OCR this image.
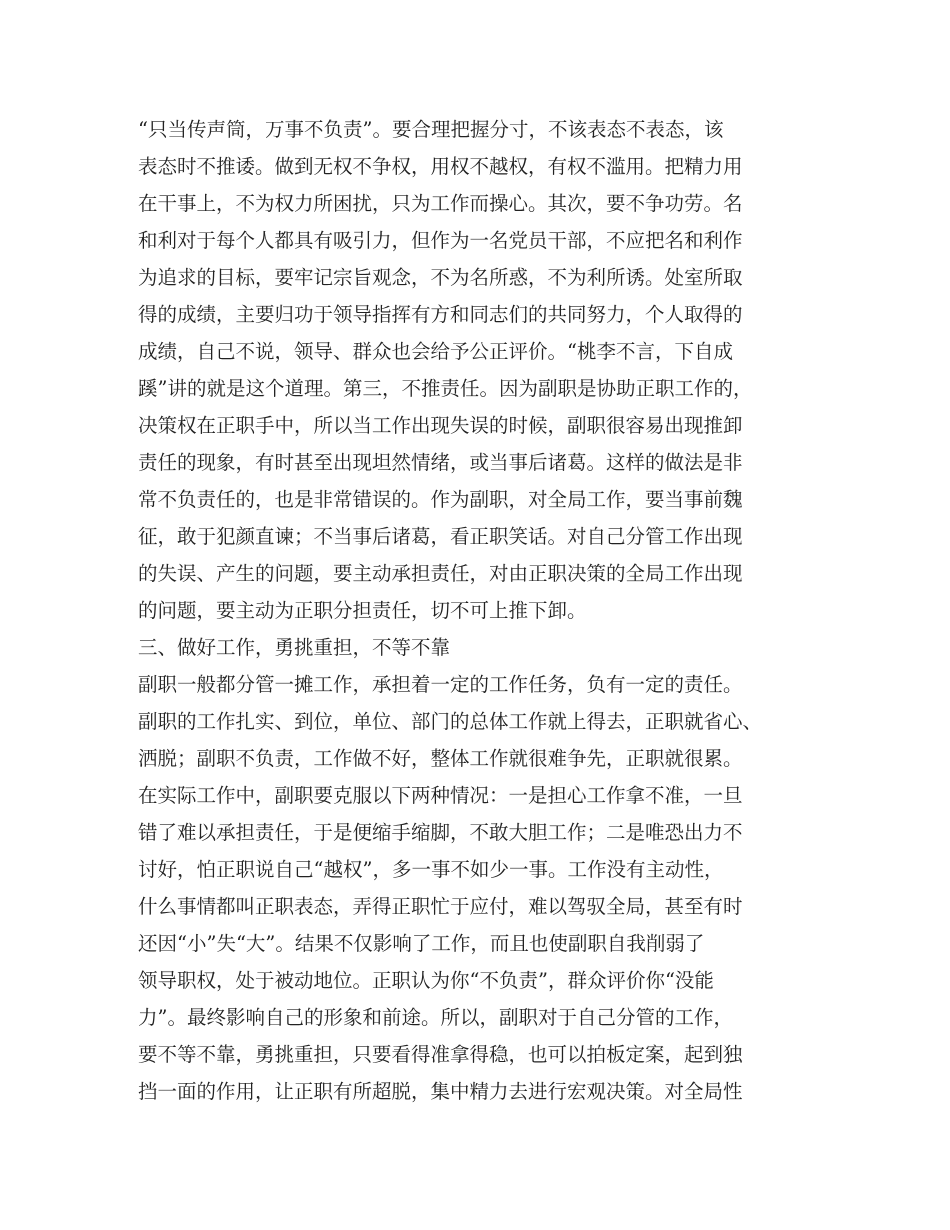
“只当传声筒，万事不负责”。要合理把握分寸，不该表态不表态，该
表态时不推诿。做到无权不争权，用权不越权，有权不滥用。把精力用
在干事上，不为权力所困扰，只为工作而操心。其次，要不争功劳。名
和利对于每个人都具有吸引力，但作为一名党员干部，不应把名和利作
为追求的目标，要牢记宗旨观念，不为名所惑，不为利所诱。处室所取
得的成绩，主要归功于领导指挥有方和同志们的共同努力，个人取得的
成绩，自己不说，领导、群众也会给予公正评价。“桃李不言，下自成
蹊”讲的就是这个道理。第三，不推责任。因为副职是协助正职工作的，
决策权在正职手中，所以当工作出现失误的时候，副职很容易出现推卸
责任的现象，有时甚至出现坦然情绪，或当事后诸葛。这样的做法是非
常不负责任的，也是非常错误的。作为副职，对全局工作，要当事前魏
征，敢于犯颜直谏；不当事后诸葛，看正职笑话。对自己分管工作出现
的失误、产生的问题，要主动承担责任，对由正职决策的全局工作出现
的问题，要主动为正职分担责任，切不可上推下卸。
三、做好工作，勇挑重担，不等不靠
副职一般都分管一摊工作，承担着一定的工作任务，负有一定的责任。
副职的工作扎实、到位，单位、部门的总体工作就上得去，正职就省心、
洒脱；副职不负责，工作做不好，整体工作就很难争先，正职就很累。
在实际工作中，副职要克服以下两种情况：一是担心工作拿不准，一旦
错了难以承担责任，于是便缩手缩脚，不敢大胆工作；二是唯恐出力不
讨好，怕正职说自己“越权”，多一事不如少一事。工作没有主动性，
什么事情都叫正职表态，弄得正职忙于应付，难以驾驭全局，甚至有时
还因“小”失“大”。结果不仅影响了工作，而且也使副职自我削弱了
领导职权，处于被动地位。正职认为你“不负责”，群众评价你“没能
力”。最终影响自己的形象和前途。所以，副职对于自己分管的工作，
要不等不靠，勇挑重担，只要看得准拿得稳，也可以拍板定案，起到独
挡一面的作用，让正职有所超脱，集中精力去进行宏观决策。对全局性
